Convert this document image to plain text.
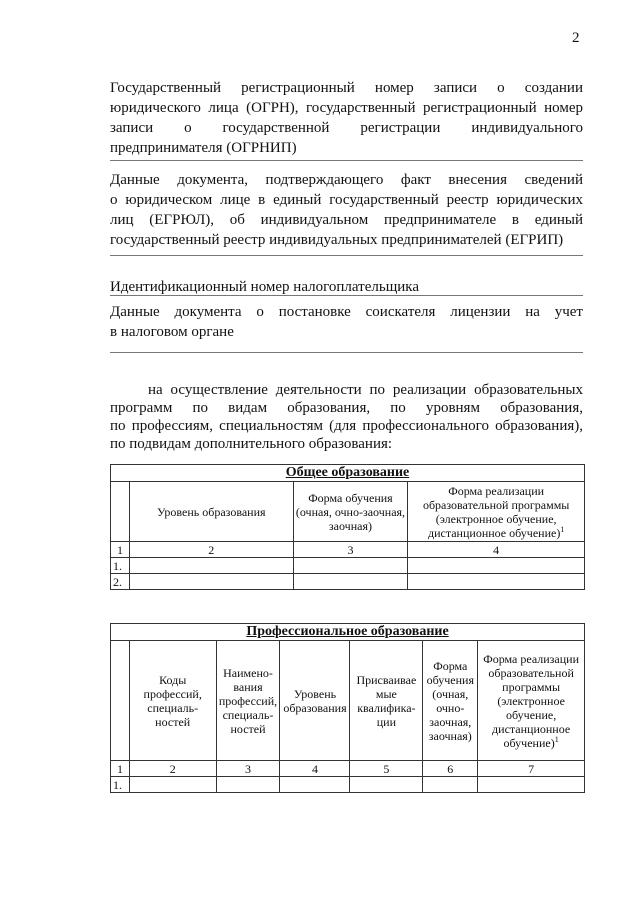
2
Государственный регистрационный номер записи о создании
юридического лица (ОГРН), государственный регистрационный номер
записи о государственной регистрации индивидуального
предпринимателя (ОГРНИП)
Данные документа, подтверждающего факт внесения сведений
о юридическом лице в единый государственный реестр юридических
лиц (ЕГРЮЛ), об индивидуальном предпринимателе в единый
государственный реестр индивидуальных предпринимателей (ЕГРИП)
Идентификационный номер налогоплательщика
Данные документа о постановке соискателя лицензии на учет
в налоговом органе
на осуществление деятельности по реализации образовательных
программ по видам образования, по уровням образования,
по профессиям, специальностям (для профессионального образования),
по подвидам дополнительного образования:
Общее образование			
	Уровень образования	Форма обучения (очная, очно-заочная, заочная)	Форма реализации образовательной программы (электронное обучение, дистанционное обучение)$^1$
1	2	3	4
1.			
2.			
Профессиональное образование						
	Коды профессий, специаль-ностей	Наимено-вания профессий, специаль-ностей	Уровень образования	Присваивае мые квалифика-ции	Форма обучения (очная, очно-заочная, заочная)	Форма реализации образовательной программы (электронное обучение, дистанционное обучение)$^1$
1	2	3	4	5	6	7
1.						
